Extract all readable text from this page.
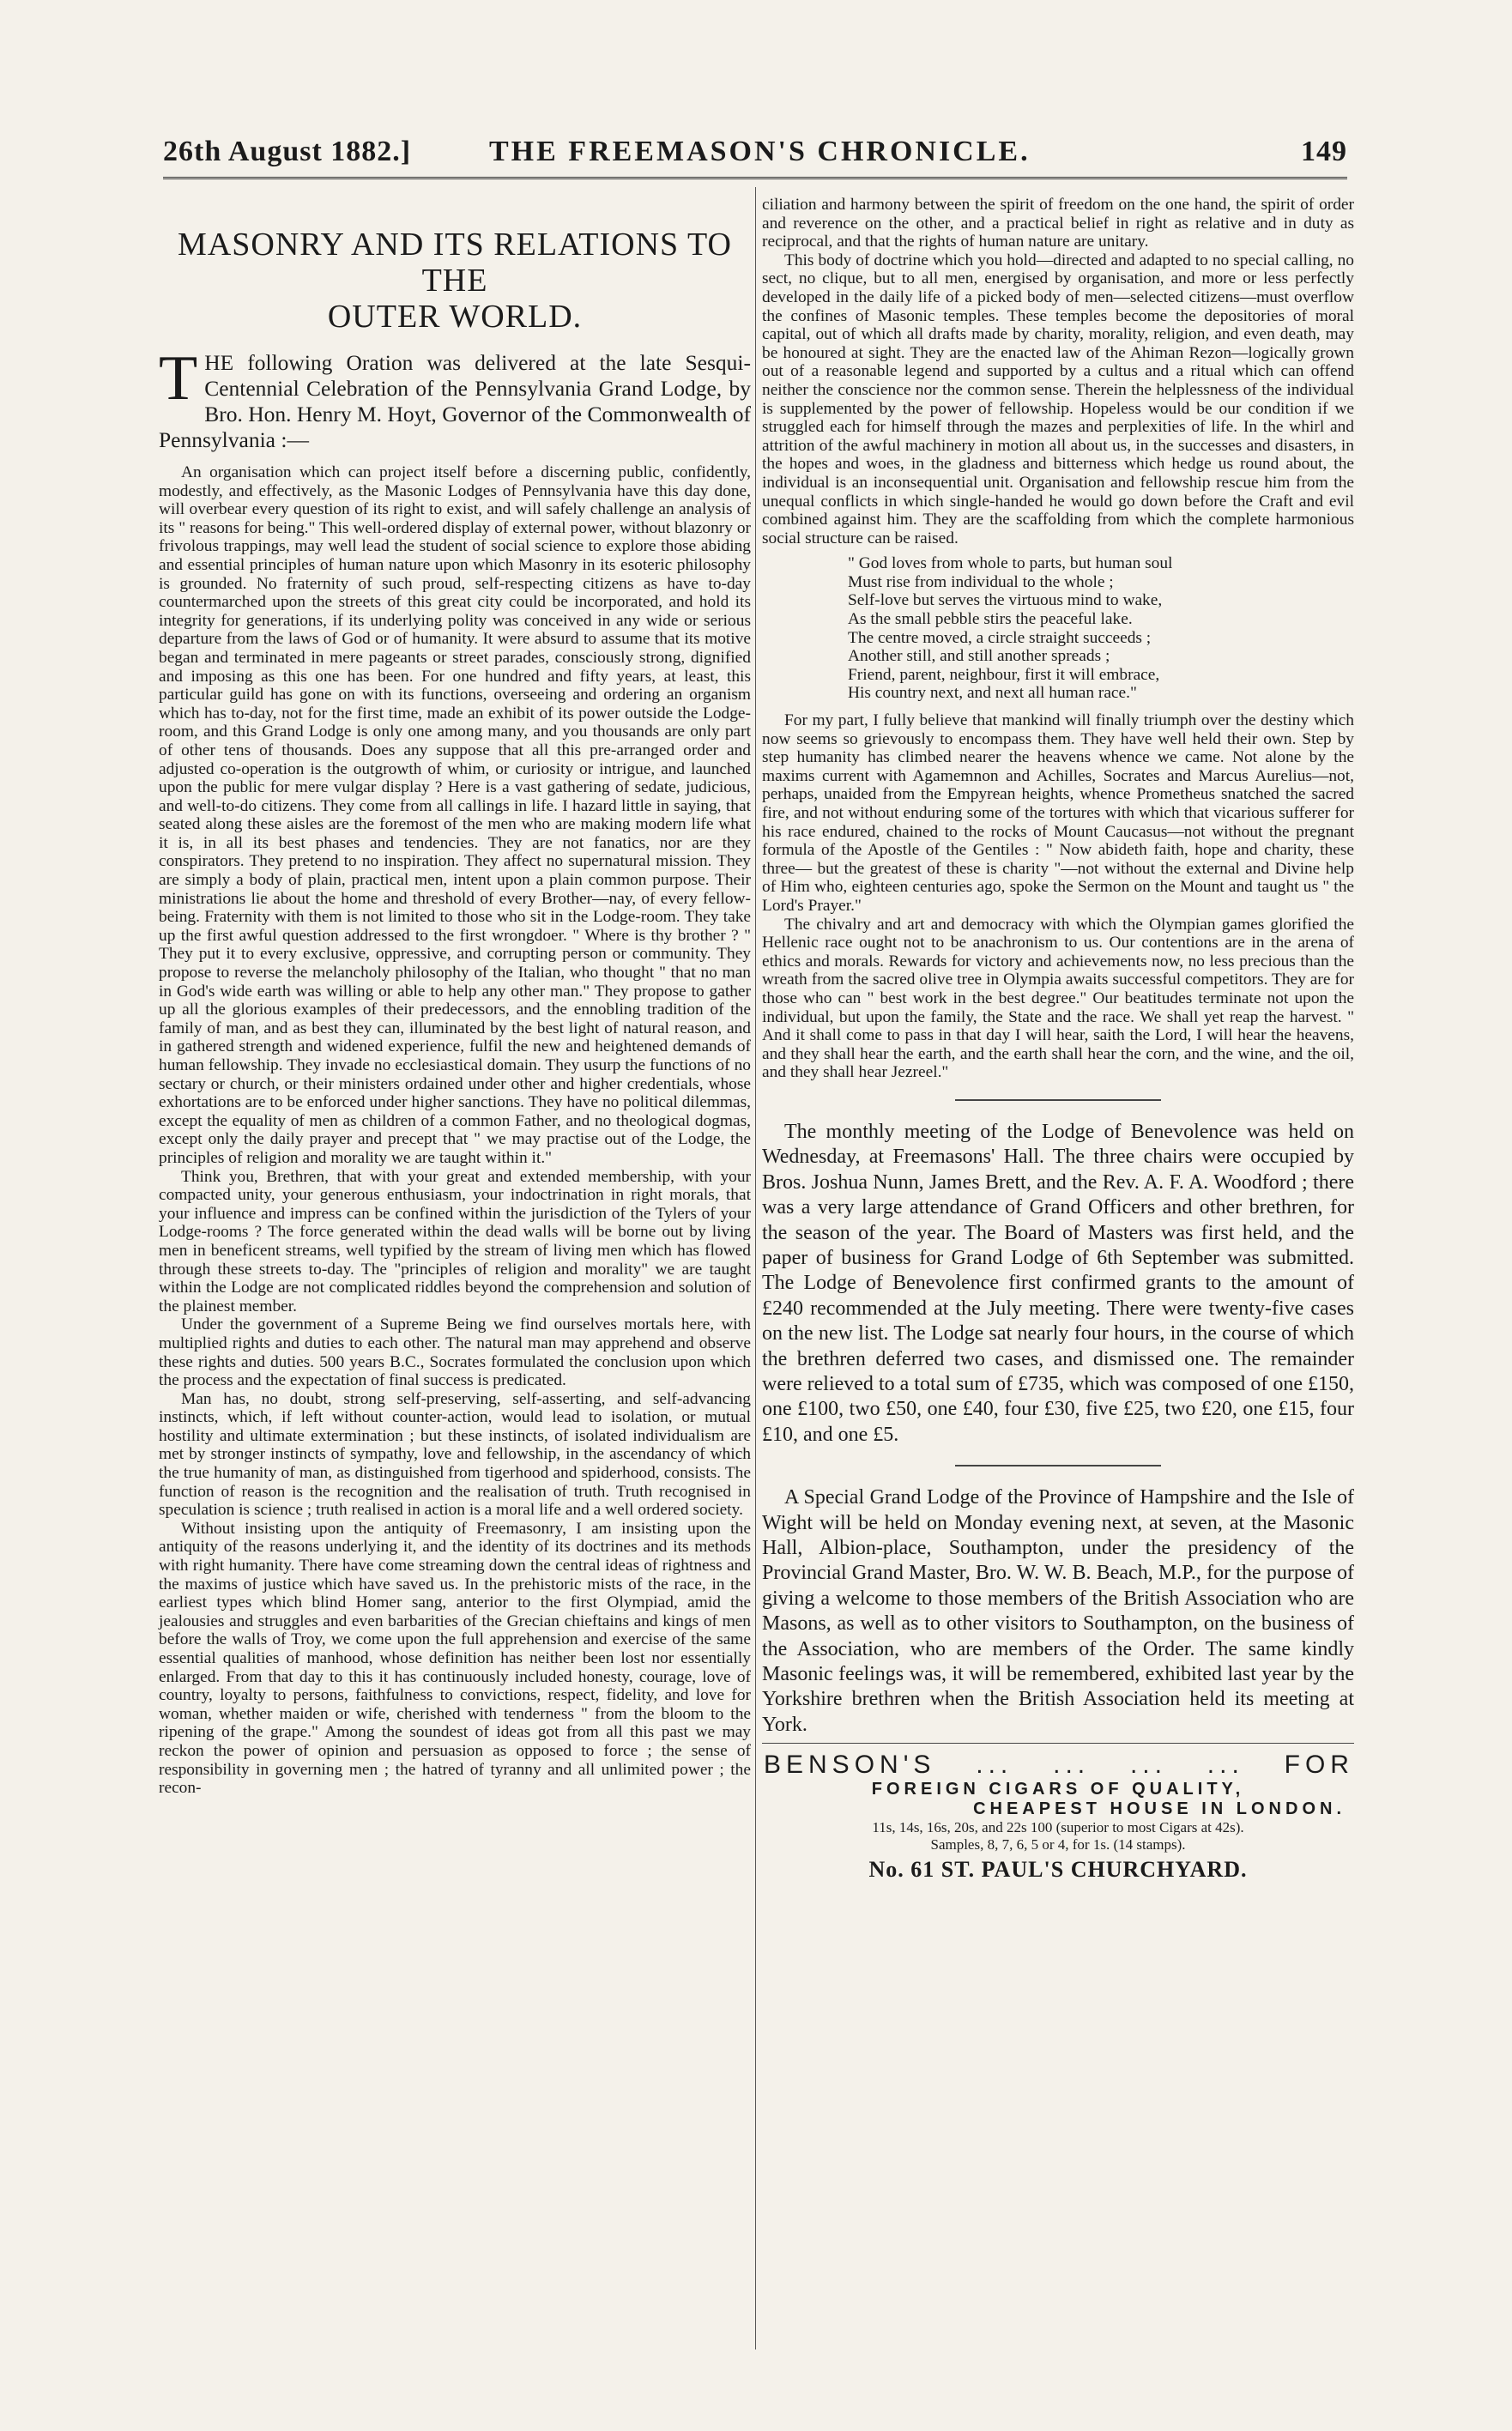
26th August 1882.]	THE FREEMASON'S CHRONICLE.	149
MASONRY AND ITS RELATIONS TO THE
OUTER WORLD.
THE following Oration was delivered at the late Sesqui-Centennial Celebration of the Pennsylvania Grand Lodge, by Bro. Hon. Henry M. Hoyt, Governor of the Commonwealth of Pennsylvania :—

An organisation which can project itself before a discerning public, confidently, modestly, and effectively, as the Masonic Lodges of Pennsylvania have this day done, will overbear every question of its right to exist, and will safely challenge an analysis of its " reasons for being." This well-ordered display of external power, without blazonry or frivolous trappings, may well lead the student of social science to explore those abiding and essential principles of human nature upon which Masonry in its esoteric philosophy is grounded. No fraternity of such proud, self-respecting citizens as have to-day countermarched upon the streets of this great city could be incorporated, and hold its integrity for generations, if its underlying polity was conceived in any wide or serious departure from the laws of God or of humanity. It were absurd to assume that its motive began and terminated in mere pageants or street parades, consciously strong, dignified and imposing as this one has been. For one hundred and fifty years, at least, this particular guild has gone on with its functions, overseeing and ordering an organism which has to-day, not for the first time, made an exhibit of its power outside the Lodge-room, and this Grand Lodge is only one among many, and you thousands are only part of other tens of thousands. Does any suppose that all this pre-arranged order and adjusted co-operation is the outgrowth of whim, or curiosity or intrigue, and launched upon the public for mere vulgar display ? Here is a vast gathering of sedate, judicious, and well-to-do citizens. They come from all callings in life. I hazard little in saying, that seated along these aisles are the foremost of the men who are making modern life what it is, in all its best phases and tendencies. They are not fanatics, nor are they conspirators. They pretend to no inspiration. They affect no supernatural mission. They are simply a body of plain, practical men, intent upon a plain common purpose. Their ministrations lie about the home and threshold of every Brother—nay, of every fellow-being. Fraternity with them is not limited to those who sit in the Lodge-room. They take up the first awful question addressed to the first wrongdoer. " Where is thy brother ? " They put it to every exclusive, oppressive, and corrupting person or community. They propose to reverse the melancholy philosophy of the Italian, who thought " that no man in God's wide earth was willing or able to help any other man." They propose to gather up all the glorious examples of their predecessors, and the ennobling tradition of the family of man, and as best they can, illuminated by the best light of natural reason, and in gathered strength and widened experience, fulfil the new and heightened demands of human fellowship. They invade no ecclesiastical domain. They usurp the functions of no sectary or church, or their ministers ordained under other and higher credentials, whose exhortations are to be enforced under higher sanctions. They have no political dilemmas, except the equality of men as children of a common Father, and no theological dogmas, except only the daily prayer and precept that " we may practise out of the Lodge, the principles of religion and morality we are taught within it."

Think you, Brethren, that with your great and extended membership, with your compacted unity, your generous enthusiasm, your indoctrination in right morals, that your influence and impress can be confined within the jurisdiction of the Tylers of your Lodge-rooms ? The force generated within the dead walls will be borne out by living men in beneficent streams, well typified by the stream of living men which has flowed through these streets to-day. The "principles of religion and morality" we are taught within the Lodge are not complicated riddles beyond the comprehension and solution of the plainest member.

Under the government of a Supreme Being we find ourselves mortals here, with multiplied rights and duties to each other. The natural man may apprehend and observe these rights and duties. 500 years B.C., Socrates formulated the conclusion upon which the process and the expectation of final success is predicated.

Man has, no doubt, strong self-preserving, self-asserting, and self-advancing instincts, which, if left without counter-action, would lead to isolation, or mutual hostility and ultimate extermination ; but these instincts, of isolated individualism are met by stronger instincts of sympathy, love and fellowship, in the ascendancy of which the true humanity of man, as distinguished from tigerhood and spiderhood, consists. The function of reason is the recognition and the realisation of truth. Truth recognised in speculation is science ; truth realised in action is a moral life and a well ordered society.

Without insisting upon the antiquity of Freemasonry, I am insisting upon the antiquity of the reasons underlying it, and the identity of its doctrines and its methods with right humanity. There have come streaming down the central ideas of rightness and the maxims of justice which have saved us. In the prehistoric mists of the race, in the earliest types which blind Homer sang, anterior to the first Olympiad, amid the jealousies and struggles and even barbarities of the Grecian chieftains and kings of men before the walls of Troy, we come upon the full apprehension and exercise of the same essential qualities of manhood, whose definition has neither been lost nor essentially enlarged. From that day to this it has continuously included honesty, courage, love of country, loyalty to persons, faithfulness to convictions, respect, fidelity, and love for woman, whether maiden or wife, cherished with tenderness " from the bloom to the ripening of the grape." Among the soundest of ideas got from all this past we may reckon the power of opinion and persuasion as opposed to force ; the sense of responsibility in governing men ; the hatred of tyranny and all unlimited power ; the recon-

ciliation and harmony between the spirit of freedom on the one hand, the spirit of order and reverence on the other, and a practical belief in right as relative and in duty as reciprocal, and that the rights of human nature are unitary.

This body of doctrine which you hold—directed and adapted to no special calling, no sect, no clique, but to all men, energised by organisation, and more or less perfectly developed in the daily life of a picked body of men—selected citizens—must overflow the confines of Masonic temples. These temples become the depositories of moral capital, out of which all drafts made by charity, morality, religion, and even death, may be honoured at sight. They are the enacted law of the Ahiman Rezon—logically grown out of a reasonable legend and supported by a cultus and a ritual which can offend neither the conscience nor the common sense. Therein the helplessness of the individual is supplemented by the power of fellowship. Hopeless would be our condition if we struggled each for himself through the mazes and perplexities of life. In the whirl and attrition of the awful machinery in motion all about us, in the successes and disasters, in the hopes and woes, in the gladness and bitterness which hedge us round about, the individual is an inconsequential unit. Organisation and fellowship rescue him from the unequal conflicts in which single-handed he would go down before the Craft and evil combined against him. They are the scaffolding from which the complete harmonious social structure can be raised.

" God loves from whole to parts, but human soul
Must rise from individual to the whole ;
Self-love but serves the virtuous mind to wake,
As the small pebble stirs the peaceful lake.
The centre moved, a circle straight succeeds ;
Another still, and still another spreads ;
Friend, parent, neighbour, first it will embrace,
His country next, and next all human race."

For my part, I fully believe that mankind will finally triumph over the destiny which now seems so grievously to encompass them. They have well held their own. Step by step humanity has climbed nearer the heavens whence we came. Not alone by the maxims current with Agamemnon and Achilles, Socrates and Marcus Aurelius—not, perhaps, unaided from the Empyrean heights, whence Prometheus snatched the sacred fire, and not without enduring some of the tortures with which that vicarious sufferer for his race endured, chained to the rocks of Mount Caucasus—not without the pregnant formula of the Apostle of the Gentiles : " Now abideth faith, hope and charity, these three— but the greatest of these is charity "—not without the external and Divine help of Him who, eighteen centuries ago, spoke the Sermon on the Mount and taught us " the Lord's Prayer."

The chivalry and art and democracy with which the Olympian games glorified the Hellenic race ought not to be anachronism to us. Our contentions are in the arena of ethics and morals. Rewards for victory and achievements now, no less precious than the wreath from the sacred olive tree in Olympia awaits successful competitors. They are for those who can " best work in the best degree." Our beatitudes terminate not upon the individual, but upon the family, the State and the race. We shall yet reap the harvest. " And it shall come to pass in that day I will hear, saith the Lord, I will hear the heavens, and they shall hear the earth, and the earth shall hear the corn, and the wine, and the oil, and they shall hear Jezreel."

The monthly meeting of the Lodge of Benevolence was held on Wednesday, at Freemasons' Hall. The three chairs were occupied by Bros. Joshua Nunn, James Brett, and the Rev. A. F. A. Woodford ; there was a very large attendance of Grand Officers and other brethren, for the season of the year. The Board of Masters was first held, and the paper of business for Grand Lodge of 6th September was submitted. The Lodge of Benevolence first confirmed grants to the amount of £240 recommended at the July meeting. There were twenty-five cases on the new list. The Lodge sat nearly four hours, in the course of which the brethren deferred two cases, and dismissed one. The remainder were relieved to a total sum of £735, which was composed of one £150, one £100, two £50, one £40, four £30, five £25, two £20, one £15, four £10, and one £5.

A Special Grand Lodge of the Province of Hampshire and the Isle of Wight will be held on Monday evening next, at seven, at the Masonic Hall, Albion-place, Southampton, under the presidency of the Provincial Grand Master, Bro. W. W. B. Beach, M.P., for the purpose of giving a welcome to those members of the British Association who are Masons, as well as to other visitors to Southampton, on the business of the Association, who are members of the Order. The same kindly Masonic feelings was, it will be remembered, exhibited last year by the Yorkshire brethren when the British Association held its meeting at York.

BENSON'S ... ... ... ... FOR
FOREIGN CIGARS OF QUALITY,
CHEAPEST HOUSE IN LONDON.
11s, 14s, 16s, 20s, and 22s 100 (superior to most Cigars at 42s).
Samples, 8, 7, 6, 5 or 4, for 1s. (14 stamps).
No. 61 ST. PAUL'S CHURCHYARD.
